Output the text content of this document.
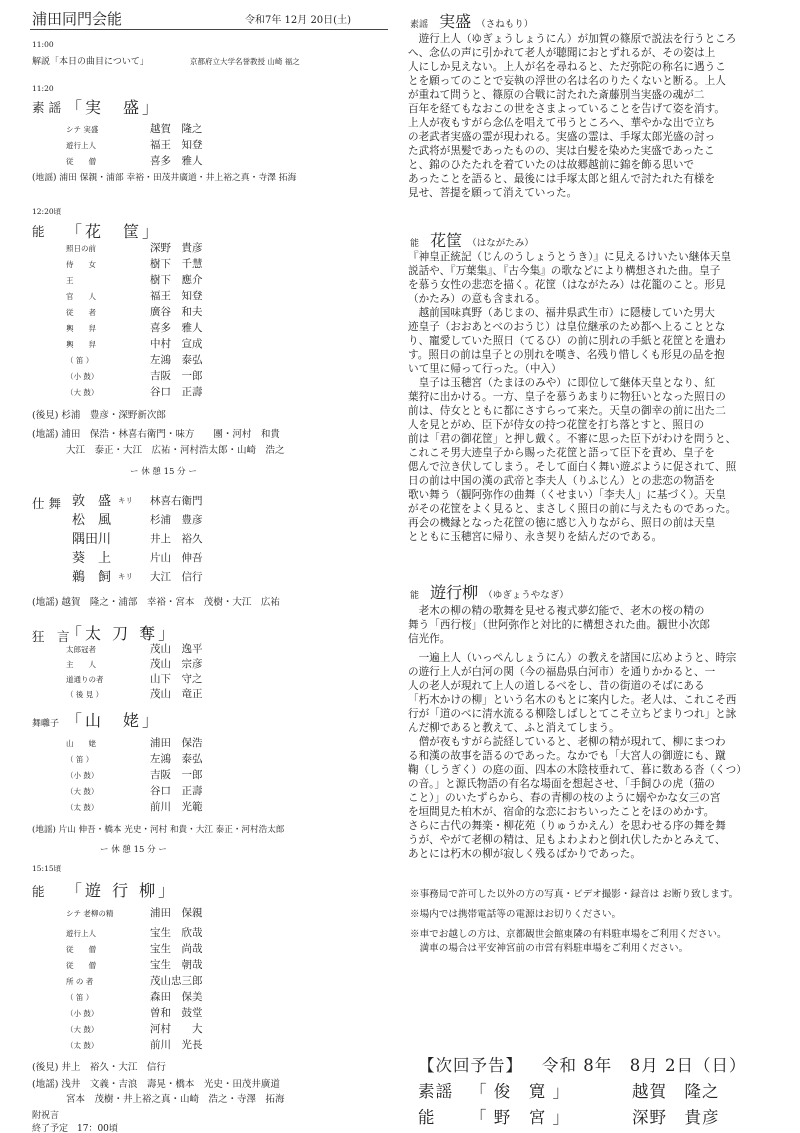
浦田同門会能	令和7年 12月 20日(土)
11:00
解説「本日の曲目について」	京都府立大学名誉教授 山崎 福之
11:20
素 謡 「実　盛」
シテ 実盛	越賀　隆之
遊行上人	福王　知登
従　　僧	喜多　雅人
(地謡) 浦田 保親・浦部 幸裕・田茂井廣道・井上裕之真・寺澤 拓海
12:20頃
能 「花　筐」
照日の前	深野　貴彦
侍　　女	樹下　千慧
王	樹下　應介
官　　人	福王　知登
従　　者	廣谷　和夫
輿　　舁	喜多　雅人
輿　　舁	中村　宣成
（ 笛 ）	左鴻　泰弘
（小 鼓）	吉阪　一郎
（大 鼓）	谷口　正壽
(後見) 杉浦　豊彦・深野新次郎
(地謡) 浦田　保浩・林喜右衛門・味方　　團・河村　和貴
大江　泰正・大江　広祐・河村浩太郎・山崎　浩之
ー 休 憩 15 分 ー
仕 舞 敦　盛 キリ 林喜右衛門
松　風	杉浦　豊彦
隅田川	井上　裕久
葵　上	片山　伸吾
鵜　飼 キリ 大江　信行
(地謡) 越賀　隆之・浦部　幸裕・宮本　茂樹・大江　広祐
狂　言
「太 刀 奪」
太郎冠者	茂山　逸平
主　　人	茂山　宗彦
道通りの者	山下　守之
（ 後 見 ）	茂山　竜正
舞囃子 「山　姥」
山　　姥	浦田　保浩
（ 笛 ）	左鴻　泰弘
（小 鼓）	吉阪　一郎
（大 鼓）	谷口　正壽
（太 鼓）	前川　光範
(地謡) 片山 伸吾・橋本 光史・河村 和貴・大江 泰正・河村浩太郎
ー 休 憩 15 分 ー
15:15頃
能 「遊 行 柳」
シテ 老柳の精	浦田　保親
遊行上人	宝生　欣哉
従　　僧	宝生　尚哉
従　　僧	宝生　朝哉
所 の 者	茂山忠三郎
（ 笛 ）	森田　保美
（小 鼓）	曽和　鼓堂
（大 鼓）	河村　　大
（太 鼓）	前川　光長
(後見) 井上　裕久・大江　信行
(地謡) 浅井　文義・吉浪　壽晃・橋本　光史・田茂井廣道
宮本　茂樹・井上裕之真・山崎　浩之・寺澤　拓海
附祝言
終了予定　17：00頃
素謡 実盛 （さねもり）
　遊行上人（ゆぎょうしょうにん）が加賀の篠原で説法を行うところ
へ、念仏の声に引かれて老人が聴聞におとずれるが、その姿は上
人にしか見えない。上人が名を尋ねると、ただ弥陀の称名に遇うこ
とを願ってのことで妄執の浮世の名は名のりたくないと断る。上人
が重ねて問うと、篠原の合戦に討たれた斎藤別当実盛の魂が二
百年を経てもなおこの世をさまよっていることを告げて姿を消す。
上人が夜もすがら念仏を唱えて弔うところへ、華やかな出で立ち
の老武者実盛の霊が現われる。実盛の霊は、手塚太郎光盛の討っ
た武将が黒髪であったものの、実は白髪を染めた実盛であったこ
と、錦のひたたれを着ていたのは故郷越前に錦を飾る思いで
あったことを語ると、最後には手塚太郎と組んで討たれた有様を
見せ、菩提を願って消えていった。
能 花筐 （はながたみ）
『神皇正統記（じんのうしょうとうき）』に見えるけいたい継体天皇
説話や、『万葉集』、『古今集』の歌などにより構想された曲。皇子
を慕う女性の悲恋を描く。花筐（はながたみ）は花籠のこと。形見
（かたみ）の意も含まれる。
　越前国味真野（あじまの、福井県武生市）に隠棲していた男大
迹皇子（おおあとべのおうじ）は皇位継承のため都へ上ることとな
り、寵愛していた照日（てるひ）の前に別れの手紙と花筐とを遣わ
す。照日の前は皇子との別れを嘆き、名残り惜しくも形見の品を抱
いて里に帰って行った。（中入）
　皇子は玉穂宮（たまほのみや）に即位して継体天皇となり、紅
葉狩に出かける。一方、皇子を慕うあまりに物狂いとなった照日の
前は、侍女とともに都にさすらって来た。天皇の御幸の前に出た二
人を見とがめ、臣下が侍女の持つ花筐を打ち落とすと、照日の
前は「君の御花筐」と押し戴く。不審に思った臣下がわけを問うと、
これこそ男大迹皇子から賜った花筐と語って臣下を責め、皇子を
偲んで泣き伏してしまう。そして面白く舞い遊ぶように促されて、照
日の前は中国の漢の武帝と李夫人（りふじん）との悲恋の物語を
歌い舞う（観阿弥作の曲舞（くせまい）「李夫人」に基づく）。天皇
がその花筐をよく見ると、まさしく照日の前に与えたものであった。
再会の機縁となった花筐の徳に感じ入りながら、照日の前は天皇
とともに玉穂宮に帰り、永き契りを結んだのである。
能 遊行柳 （ゆぎょうやなぎ）
　老木の柳の精の歌舞を見せる複式夢幻能で、老木の桜の精の
舞う「西行桜」（世阿弥作と対比的に構想された曲。観世小次郎
信光作。
　一遍上人（いっぺんしょうにん）の教えを諸国に広めようと、時宗
の遊行上人が白河の関（今の福島県白河市）を通りかかると、一
人の老人が現れて上人の道しるべをし、昔の街道のそばにある
「朽木かけの柳」という名木のもとに案内した。老人は、これこそ西
行が「道のべに清水流るる柳陰しばしとてこそ立ちどまりつれ」と詠
んだ柳であると教えて、ふと消えてしまう。
　僧が夜もすがら読経していると、老柳の精が現れて、柳にまつわ
る和漢の故事を語るのであった。なかでも「大宮人の御遊にも、蹴
鞠（しうぎく）の庭の面、四本の木陰枝垂れて、暮に数ある沓（くつ）
の音。」と源氏物語の有名な場面を想起させ、「手飼ひの虎（猫の
こと）」のいたずらから、春の青柳の枝のように嫋やかな女三の宮
を垣間見た柏木が、宿命的な恋におちいったことをほのめかす。
さらに古代の舞楽・柳花苑（りゅうかえん）を思わせる序の舞を舞
うが、やがて老柳の精は、足もよわよわと倒れ伏したかとみえて、
あとには朽木の柳が寂しく残るばかりであった。
※事務局で許可した以外の方の写真・ビデオ撮影・録音は お断り致します。
※場内では携帯電話等の電源はお切りください。
※車でお越しの方は、京都観世会館東隣の有料駐車場をご利用ください。
　満車の場合は平安神宮前の市営有料駐車場をご利用ください。
【次回予告】 令和 8年　8月 2日（日）
素謡 「 俊　寛 」	越賀　隆之
能 「 野　宮 」	深野　貴彦
